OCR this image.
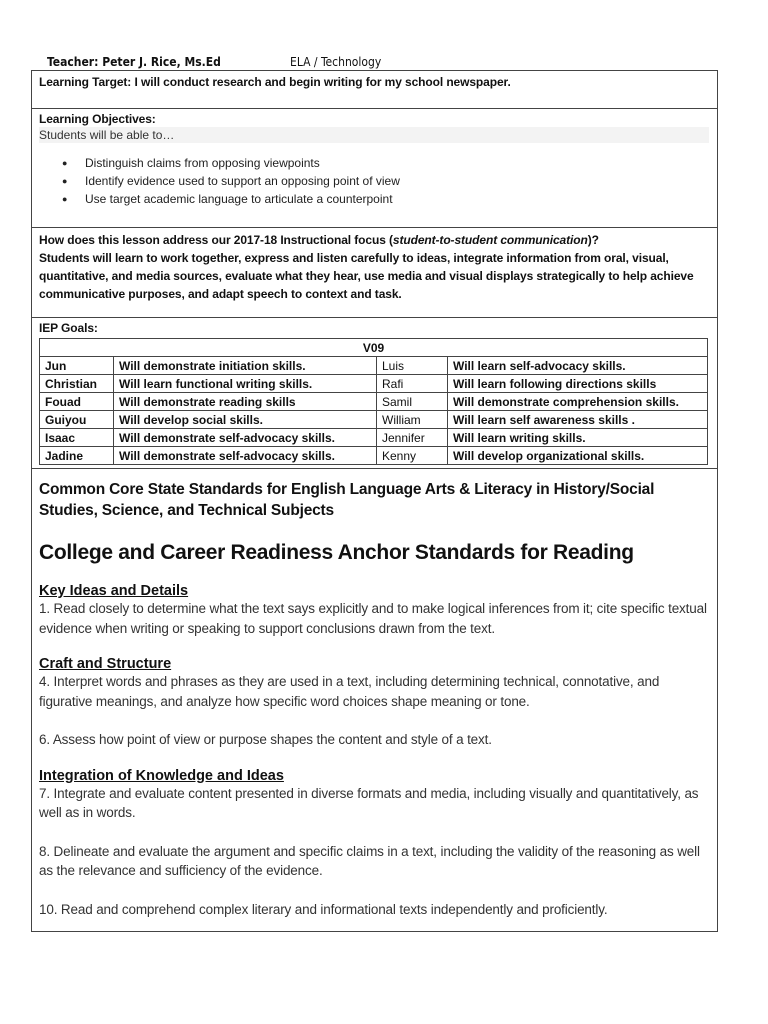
Teacher: Peter J. Rice, Ms.Ed	ELA / Technology
Learning Target: I will conduct research and begin writing for my school newspaper.
Learning Objectives:
Students will be able to…
● Distinguish claims from opposing viewpoints
● Identify evidence used to support an opposing point of view
● Use target academic language to articulate a counterpoint
How does this lesson address our 2017-18 Instructional focus (student-to-student communication)?
Students will learn to work together, express and listen carefully to ideas, integrate information from oral, visual, quantitative, and media sources, evaluate what they hear, use media and visual displays strategically to help achieve communicative purposes, and adapt speech to context and task.
IEP Goals:
V09			
Jun	Will demonstrate initiation skills.	Luis	Will learn self-advocacy skills.
Christian	Will learn functional writing skills.	Rafi	Will learn following directions skills
Fouad	Will demonstrate reading skills	Samil	Will demonstrate comprehension skills.
Guiyou	Will develop social skills.	William	Will learn self awareness skills .
Isaac	Will demonstrate self-advocacy skills.	Jennifer	Will learn writing skills.
Jadine	Will demonstrate self-advocacy skills.	Kenny	Will develop organizational skills.
Common Core State Standards for English Language Arts & Literacy in History/Social Studies, Science, and Technical Subjects
College and Career Readiness Anchor Standards for Reading
Key Ideas and Details
1. Read closely to determine what the text says explicitly and to make logical inferences from it; cite specific textual evidence when writing or speaking to support conclusions drawn from the text.
Craft and Structure
4. Interpret words and phrases as they are used in a text, including determining technical, connotative, and figurative meanings, and analyze how specific word choices shape meaning or tone.
6. Assess how point of view or purpose shapes the content and style of a text.
Integration of Knowledge and Ideas
7. Integrate and evaluate content presented in diverse formats and media, including visually and quantitatively, as well as in words.
8. Delineate and evaluate the argument and specific claims in a text, including the validity of the reasoning as well as the relevance and sufficiency of the evidence.
10. Read and comprehend complex literary and informational texts independently and proficiently.
